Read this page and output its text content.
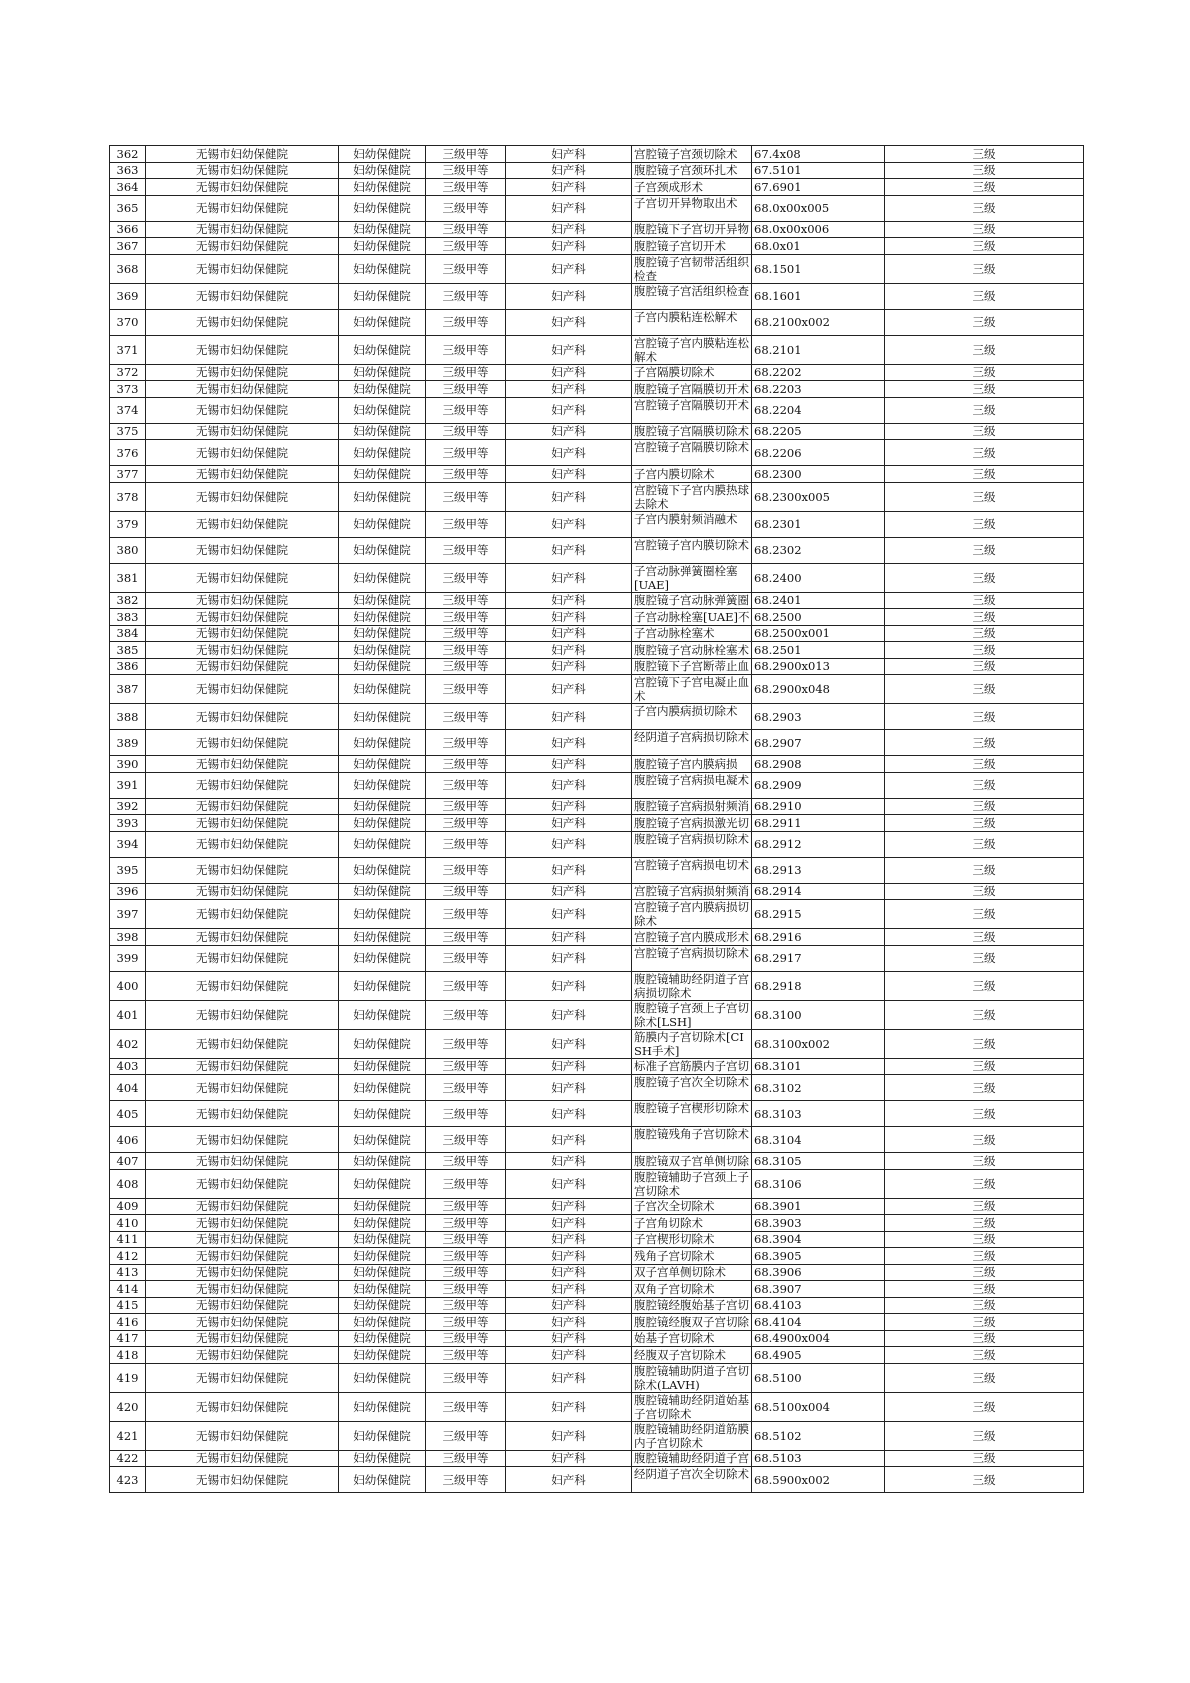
362	无锡市妇幼保健院	妇幼保健院	三级甲等	妇产科	宫腔镜子宫颈切除术	67.4x08	三级
363	无锡市妇幼保健院	妇幼保健院	三级甲等	妇产科	腹腔镜子宫颈环扎术	67.5101	三级
364	无锡市妇幼保健院	妇幼保健院	三级甲等	妇产科	子宫颈成形术	67.6901	三级
365	无锡市妇幼保健院	妇幼保健院	三级甲等	妇产科	子宫切开异物取出术	68.0x00x005	三级
366	无锡市妇幼保健院	妇幼保健院	三级甲等	妇产科	腹腔镜下子宫切开异物	68.0x00x006	三级
367	无锡市妇幼保健院	妇幼保健院	三级甲等	妇产科	腹腔镜子宫切开术	68.0x01	三级
368	无锡市妇幼保健院	妇幼保健院	三级甲等	妇产科	腹腔镜子宫韧带活组织检查	68.1501	三级
369	无锡市妇幼保健院	妇幼保健院	三级甲等	妇产科	腹腔镜子宫活组织检查	68.1601	三级
370	无锡市妇幼保健院	妇幼保健院	三级甲等	妇产科	子宫内膜粘连松解术	68.2100x002	三级
371	无锡市妇幼保健院	妇幼保健院	三级甲等	妇产科	宫腔镜子宫内膜粘连松解术	68.2101	三级
372	无锡市妇幼保健院	妇幼保健院	三级甲等	妇产科	子宫隔膜切除术	68.2202	三级
373	无锡市妇幼保健院	妇幼保健院	三级甲等	妇产科	腹腔镜子宫隔膜切开术	68.2203	三级
374	无锡市妇幼保健院	妇幼保健院	三级甲等	妇产科	宫腔镜子宫隔膜切开术	68.2204	三级
375	无锡市妇幼保健院	妇幼保健院	三级甲等	妇产科	腹腔镜子宫隔膜切除术	68.2205	三级
376	无锡市妇幼保健院	妇幼保健院	三级甲等	妇产科	宫腔镜子宫隔膜切除术	68.2206	三级
377	无锡市妇幼保健院	妇幼保健院	三级甲等	妇产科	子宫内膜切除术	68.2300	三级
378	无锡市妇幼保健院	妇幼保健院	三级甲等	妇产科	宫腔镜下子宫内膜热球去除术	68.2300x005	三级
379	无锡市妇幼保健院	妇幼保健院	三级甲等	妇产科	子宫内膜射频消融术	68.2301	三级
380	无锡市妇幼保健院	妇幼保健院	三级甲等	妇产科	宫腔镜子宫内膜切除术	68.2302	三级
381	无锡市妇幼保健院	妇幼保健院	三级甲等	妇产科	子宫动脉弹簧圈栓塞[UAE]	68.2400	三级
382	无锡市妇幼保健院	妇幼保健院	三级甲等	妇产科	腹腔镜子宫动脉弹簧圈	68.2401	三级
383	无锡市妇幼保健院	妇幼保健院	三级甲等	妇产科	子宫动脉栓塞[UAE]不	68.2500	三级
384	无锡市妇幼保健院	妇幼保健院	三级甲等	妇产科	子宫动脉栓塞术	68.2500x001	三级
385	无锡市妇幼保健院	妇幼保健院	三级甲等	妇产科	腹腔镜子宫动脉栓塞术	68.2501	三级
386	无锡市妇幼保健院	妇幼保健院	三级甲等	妇产科	腹腔镜下子宫断蒂止血	68.2900x013	三级
387	无锡市妇幼保健院	妇幼保健院	三级甲等	妇产科	宫腔镜下子宫电凝止血术	68.2900x048	三级
388	无锡市妇幼保健院	妇幼保健院	三级甲等	妇产科	子宫内膜病损切除术	68.2903	三级
389	无锡市妇幼保健院	妇幼保健院	三级甲等	妇产科	经阴道子宫病损切除术	68.2907	三级
390	无锡市妇幼保健院	妇幼保健院	三级甲等	妇产科	腹腔镜子宫内膜病损	68.2908	三级
391	无锡市妇幼保健院	妇幼保健院	三级甲等	妇产科	腹腔镜子宫病损电凝术	68.2909	三级
392	无锡市妇幼保健院	妇幼保健院	三级甲等	妇产科	腹腔镜子宫病损射频消	68.2910	三级
393	无锡市妇幼保健院	妇幼保健院	三级甲等	妇产科	腹腔镜子宫病损激光切	68.2911	三级
394	无锡市妇幼保健院	妇幼保健院	三级甲等	妇产科	腹腔镜子宫病损切除术	68.2912	三级
395	无锡市妇幼保健院	妇幼保健院	三级甲等	妇产科	宫腔镜子宫病损电切术	68.2913	三级
396	无锡市妇幼保健院	妇幼保健院	三级甲等	妇产科	宫腔镜子宫病损射频消	68.2914	三级
397	无锡市妇幼保健院	妇幼保健院	三级甲等	妇产科	宫腔镜子宫内膜病损切除术	68.2915	三级
398	无锡市妇幼保健院	妇幼保健院	三级甲等	妇产科	宫腔镜子宫内膜成形术	68.2916	三级
399	无锡市妇幼保健院	妇幼保健院	三级甲等	妇产科	宫腔镜子宫病损切除术	68.2917	三级
400	无锡市妇幼保健院	妇幼保健院	三级甲等	妇产科	腹腔镜辅助经阴道子宫病损切除术	68.2918	三级
401	无锡市妇幼保健院	妇幼保健院	三级甲等	妇产科	腹腔镜子宫颈上子宫切除术[LSH]	68.3100	三级
402	无锡市妇幼保健院	妇幼保健院	三级甲等	妇产科	筋膜内子宫切除术[CISH手术]	68.3100x002	三级
403	无锡市妇幼保健院	妇幼保健院	三级甲等	妇产科	标准子宫筋膜内子宫切	68.3101	三级
404	无锡市妇幼保健院	妇幼保健院	三级甲等	妇产科	腹腔镜子宫次全切除术	68.3102	三级
405	无锡市妇幼保健院	妇幼保健院	三级甲等	妇产科	腹腔镜子宫楔形切除术	68.3103	三级
406	无锡市妇幼保健院	妇幼保健院	三级甲等	妇产科	腹腔镜残角子宫切除术	68.3104	三级
407	无锡市妇幼保健院	妇幼保健院	三级甲等	妇产科	腹腔镜双子宫单侧切除	68.3105	三级
408	无锡市妇幼保健院	妇幼保健院	三级甲等	妇产科	腹腔镜辅助子宫颈上子宫切除术	68.3106	三级
409	无锡市妇幼保健院	妇幼保健院	三级甲等	妇产科	子宫次全切除术	68.3901	三级
410	无锡市妇幼保健院	妇幼保健院	三级甲等	妇产科	子宫角切除术	68.3903	三级
411	无锡市妇幼保健院	妇幼保健院	三级甲等	妇产科	子宫楔形切除术	68.3904	三级
412	无锡市妇幼保健院	妇幼保健院	三级甲等	妇产科	残角子宫切除术	68.3905	三级
413	无锡市妇幼保健院	妇幼保健院	三级甲等	妇产科	双子宫单侧切除术	68.3906	三级
414	无锡市妇幼保健院	妇幼保健院	三级甲等	妇产科	双角子宫切除术	68.3907	三级
415	无锡市妇幼保健院	妇幼保健院	三级甲等	妇产科	腹腔镜经腹始基子宫切	68.4103	三级
416	无锡市妇幼保健院	妇幼保健院	三级甲等	妇产科	腹腔镜经腹双子宫切除	68.4104	三级
417	无锡市妇幼保健院	妇幼保健院	三级甲等	妇产科	始基子宫切除术	68.4900x004	三级
418	无锡市妇幼保健院	妇幼保健院	三级甲等	妇产科	经腹双子宫切除术	68.4905	三级
419	无锡市妇幼保健院	妇幼保健院	三级甲等	妇产科	腹腔镜辅助阴道子宫切除术(LAVH)	68.5100	三级
420	无锡市妇幼保健院	妇幼保健院	三级甲等	妇产科	腹腔镜辅助经阴道始基子宫切除术	68.5100x004	三级
421	无锡市妇幼保健院	妇幼保健院	三级甲等	妇产科	腹腔镜辅助经阴道筋膜内子宫切除术	68.5102	三级
422	无锡市妇幼保健院	妇幼保健院	三级甲等	妇产科	腹腔镜辅助经阴道子宫	68.5103	三级
423	无锡市妇幼保健院	妇幼保健院	三级甲等	妇产科	经阴道子宫次全切除术	68.5900x002	三级
